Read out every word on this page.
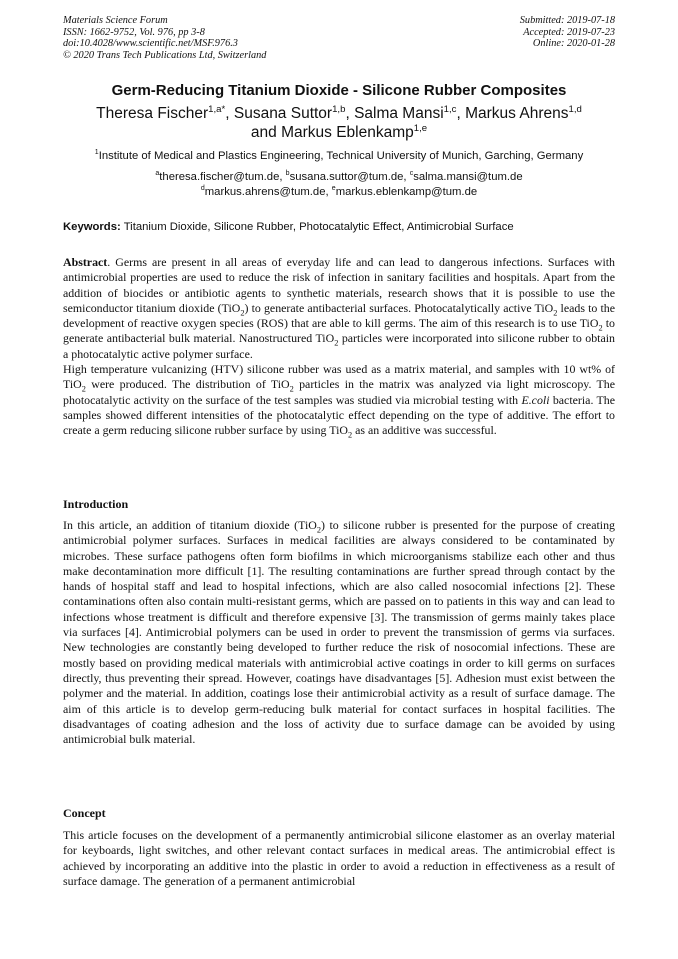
Materials Science Forum
ISSN: 1662-9752, Vol. 976, pp 3-8
doi:10.4028/www.scientific.net/MSF.976.3
© 2020 Trans Tech Publications Ltd, Switzerland
Submitted: 2019-07-18
Accepted: 2019-07-23
Online: 2020-01-28
Germ-Reducing Titanium Dioxide - Silicone Rubber Composites
Theresa Fischer$^{1,a*}$, Susana Suttor$^{1,b}$, Salma Mansi$^{1,c}$, Markus Ahrens$^{1,d}$
and Markus Eblenkamp$^{1,e}$
$^1$Institute of Medical and Plastics Engineering, Technical University of Munich, Garching, Germany
$^a$theresa.fischer@tum.de, $^b$susana.suttor@tum.de, $^c$salma.mansi@tum.de
$^d$markus.ahrens@tum.de, $^e$markus.eblenkamp@tum.de
Keywords: Titanium Dioxide, Silicone Rubber, Photocatalytic Effect, Antimicrobial Surface

Abstract. Germs are present in all areas of everyday life and can lead to dangerous infections. Surfaces with antimicrobial properties are used to reduce the risk of infection in sanitary facilities and hospitals. Apart from the addition of biocides or antibiotic agents to synthetic materials, research shows that it is possible to use the semiconductor titanium dioxide (TiO$_2$) to generate antibacterial surfaces. Photocatalytically active TiO$_2$ leads to the development of reactive oxygen species (ROS) that are able to kill germs. The aim of this research is to use TiO$_2$ to generate antibacterial bulk material. Nanostructured TiO$_2$ particles were incorporated into silicone rubber to obtain a photocatalytic active polymer surface.

High temperature vulcanizing (HTV) silicone rubber was used as a matrix material, and samples with 10 wt% of TiO$_2$ were produced. The distribution of TiO$_2$ particles in the matrix was analyzed via light microscopy. The photocatalytic activity on the surface of the test samples was studied via microbial testing with E.coli bacteria. The samples showed different intensities of the photocatalytic effect depending on the type of additive. The effort to create a germ reducing silicone rubber surface by using TiO$_2$ as an additive was successful.

Introduction

In this article, an addition of titanium dioxide (TiO$_2$) to silicone rubber is presented for the purpose of creating antimicrobial polymer surfaces. Surfaces in medical facilities are always considered to be contaminated by microbes. These surface pathogens often form biofilms in which microorganisms stabilize each other and thus make decontamination more difficult [1]. The resulting contaminations are further spread through contact by the hands of hospital staff and lead to hospital infections, which are also called nosocomial infections [2]. These contaminations often also contain multi-resistant germs, which are passed on to patients in this way and can lead to infections whose treatment is difficult and therefore expensive [3]. The transmission of germs mainly takes place via surfaces [4]. Antimicrobial polymers can be used in order to prevent the transmission of germs via surfaces. New technologies are constantly being developed to further reduce the risk of nosocomial infections. These are mostly based on providing medical materials with antimicrobial active coatings in order to kill germs on surfaces directly, thus preventing their spread. However, coatings have disadvantages [5]. Adhesion must exist between the polymer and the material. In addition, coatings lose their antimicrobial activity as a result of surface damage. The aim of this article is to develop germ-reducing bulk material for contact surfaces in hospital facilities. The disadvantages of coating adhesion and the loss of activity due to surface damage can be avoided by using antimicrobial bulk material.

Concept

This article focuses on the development of a permanently antimicrobial silicone elastomer as an overlay material for keyboards, light switches, and other relevant contact surfaces in medical areas. The antimicrobial effect is achieved by incorporating an additive into the plastic in order to avoid a reduction in effectiveness as a result of surface damage. The generation of a permanent antimicrobial
